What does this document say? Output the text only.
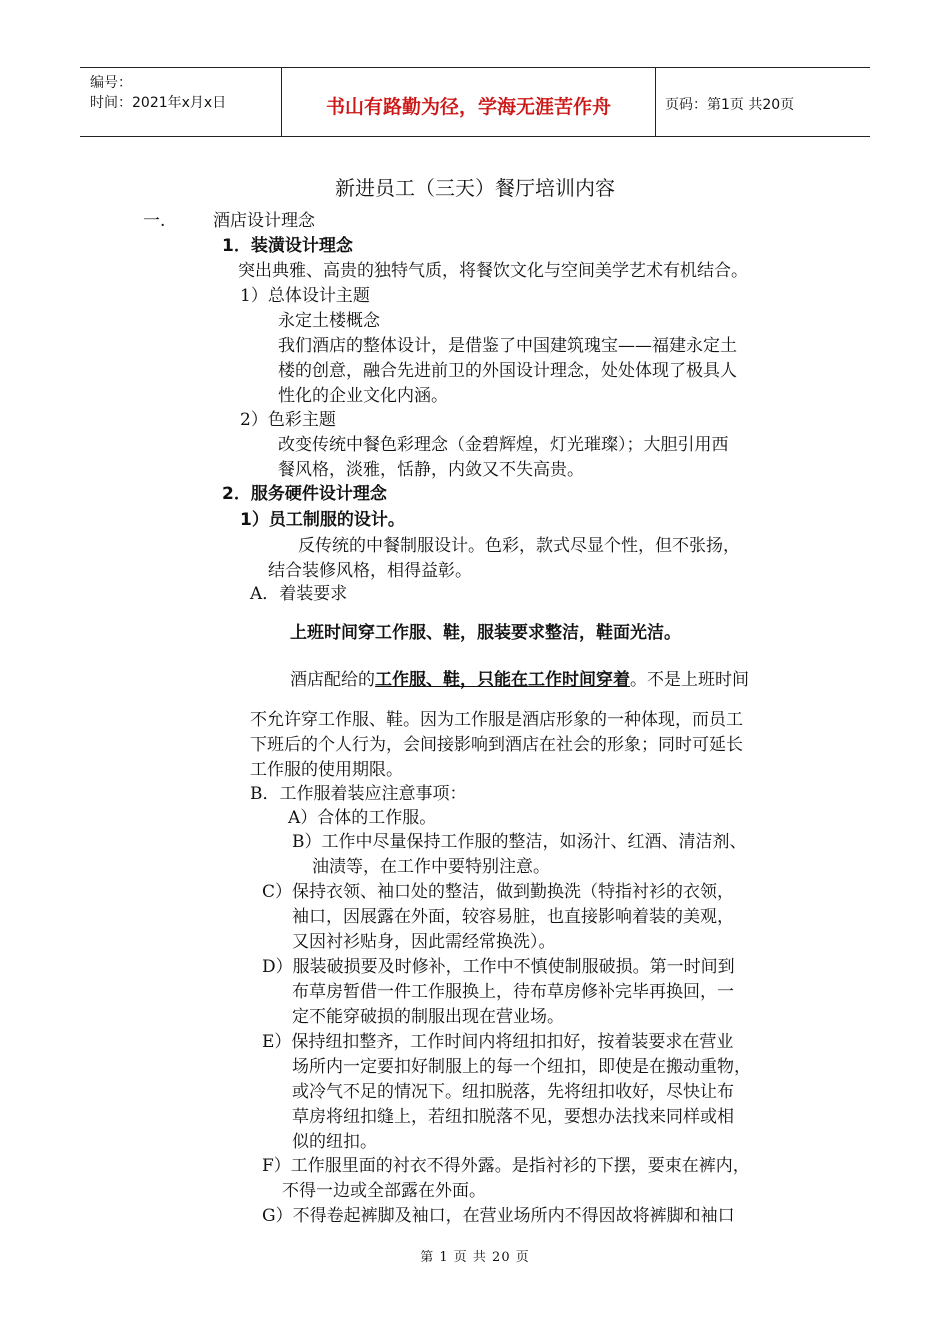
编号：
时间：2021年x月x日	书山有路勤为径，学海无涯苦作舟	页码：第1页 共20页
新进员工（三天）餐厅培训内容
一.	酒店设计理念
1．装潢设计理念
突出典雅、高贵的独特气质，将餐饮文化与空间美学艺术有机结合。
1）总体设计主题
永定土楼概念
我们酒店的整体设计，是借鉴了中国建筑瑰宝——福建永定土
楼的创意，融合先进前卫的外国设计理念，处处体现了极具人
性化的企业文化内涵。
2）色彩主题
改变传统中餐色彩理念（金碧辉煌，灯光璀璨）；大胆引用西
餐风格，淡雅，恬静，内敛又不失高贵。
2．服务硬件设计理念
1）员工制服的设计。
反传统的中餐制服设计。色彩，款式尽显个性，但不张扬，
结合装修风格，相得益彰。
A．着装要求
上班时间穿工作服、鞋，服装要求整洁，鞋面光洁。
酒店配给的工作服、鞋，只能在工作时间穿着。不是上班时间
不允许穿工作服、鞋。因为工作服是酒店形象的一种体现，而员工
下班后的个人行为，会间接影响到酒店在社会的形象；同时可延长
工作服的使用期限。
B．工作服着装应注意事项：
A）合体的工作服。
B）工作中尽量保持工作服的整洁，如汤汁、红酒、清洁剂、
油渍等，在工作中要特别注意。
C）保持衣领、袖口处的整洁，做到勤换洗（特指衬衫的衣领，
袖口，因展露在外面，较容易脏，也直接影响着装的美观，
又因衬衫贴身，因此需经常换洗）。
D）服装破损要及时修补，工作中不慎使制服破损。第一时间到
布草房暂借一件工作服换上，待布草房修补完毕再换回，一
定不能穿破损的制服出现在营业场。
E）保持纽扣整齐，工作时间内将纽扣扣好，按着装要求在营业
场所内一定要扣好制服上的每一个纽扣，即使是在搬动重物，
或冷气不足的情况下。纽扣脱落，先将纽扣收好，尽快让布
草房将纽扣缝上，若纽扣脱落不见，要想办法找来同样或相
似的纽扣。
F）工作服里面的衬衣不得外露。是指衬衫的下摆，要束在裤内，
不得一边或全部露在外面。
G）不得卷起裤脚及袖口，在营业场所内不得因故将裤脚和袖口
第 1 页 共 20 页
